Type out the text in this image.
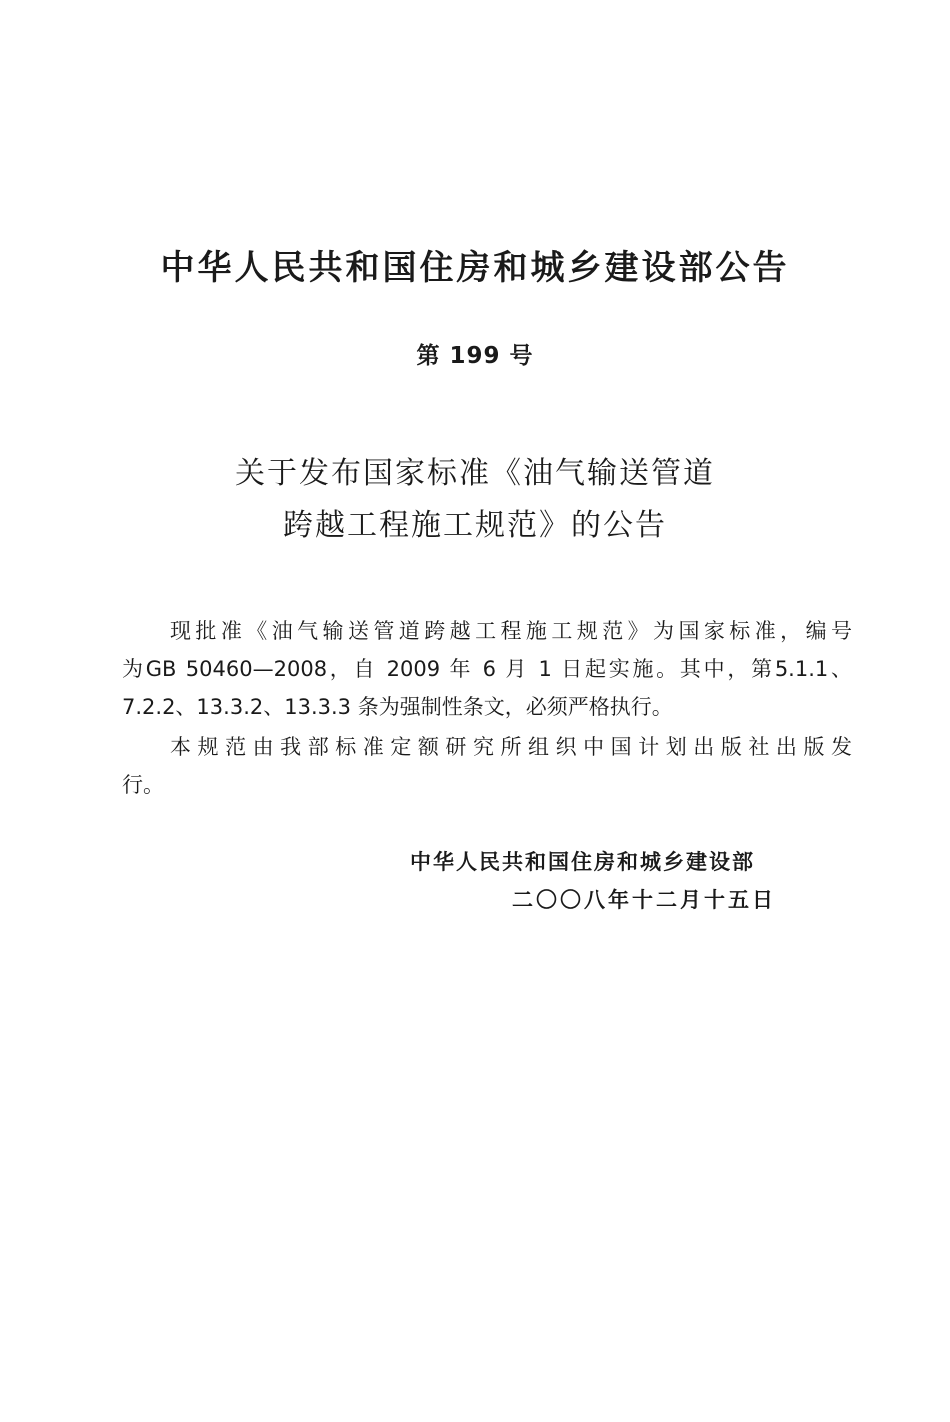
中华人民共和国住房和城乡建设部公告
第 199 号
关于发布国家标准《油气输送管道
跨越工程施工规范》的公告
现批准《油气输送管道跨越工程施工规范》为国家标准，编号
为GB 50460—2008，自 2009 年 6 月 1 日起实施。其中，第5.1.1、
7.2.2、13.3.2、13.3.3 条为强制性条文，必须严格执行。
本规范由我部标准定额研究所组织中国计划出版社出版发
行。
中华人民共和国住房和城乡建设部
二〇〇八年十二月十五日
